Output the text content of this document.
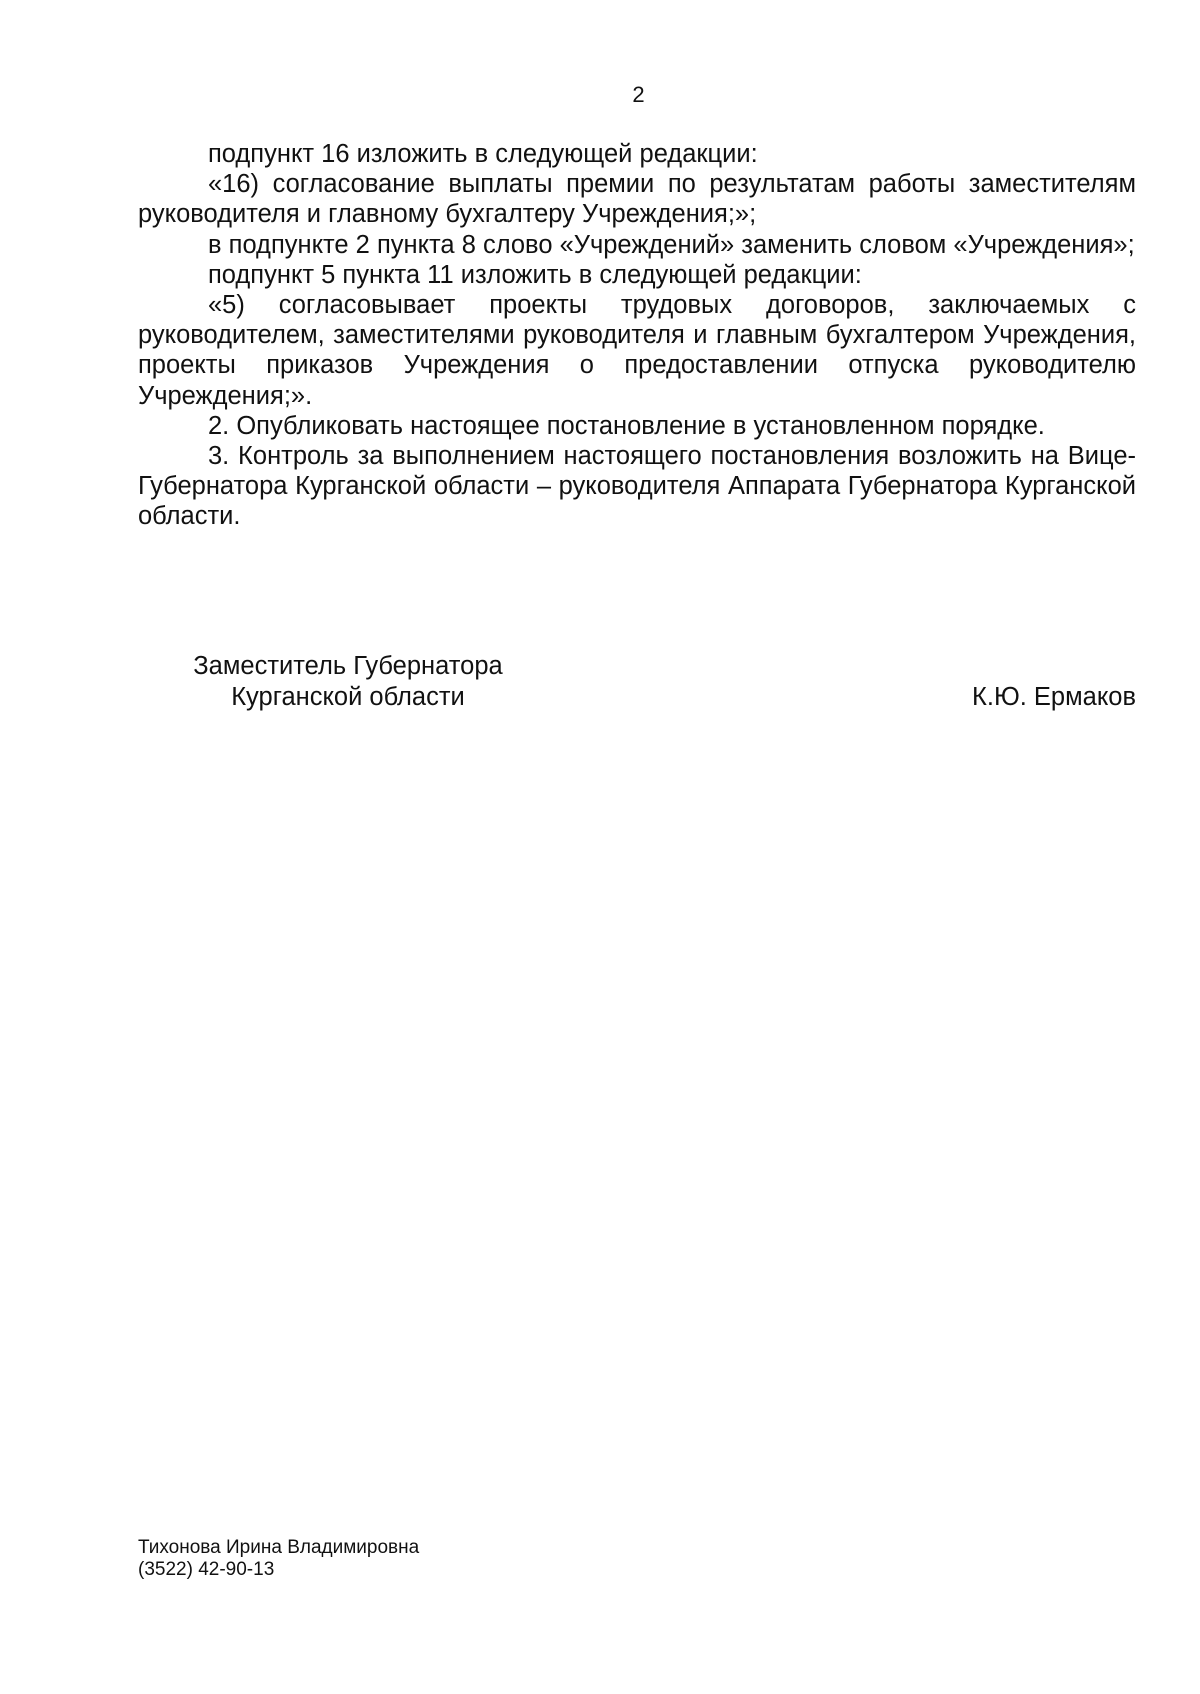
2

подпункт 16 изложить в следующей редакции:

«16) согласование выплаты премии по результатам работы заместителям руководителя и главному бухгалтеру Учреждения;»;

в подпункте 2 пункта 8 слово «Учреждений» заменить словом «Учреждения»;

подпункт 5 пункта 11 изложить в следующей редакции:

«5) согласовывает проекты трудовых договоров, заключаемых с руководителем, заместителями руководителя и главным бухгалтером Учреждения, проекты приказов Учреждения о предоставлении отпуска руководителю Учреждения;».

2. Опубликовать настоящее постановление в установленном порядке.

3. Контроль за выполнением настоящего постановления возложить на Вице-Губернатора Курганской области – руководителя Аппарата Губернатора Курганской области.

Заместитель Губернатора
Курганской области	К.Ю. Ермаков
Тихонова Ирина Владимировна
(3522) 42-90-13
